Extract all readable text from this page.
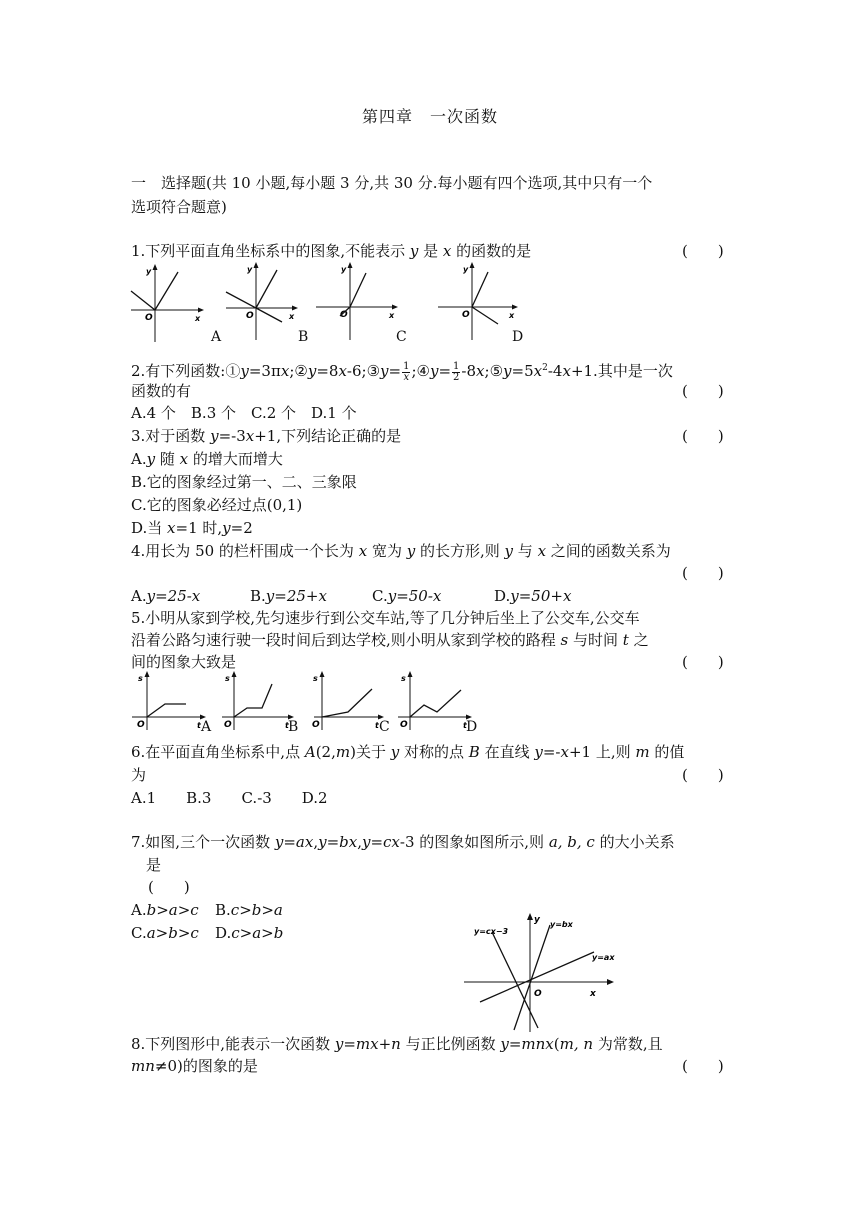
第四章　一次函数
一　选择题(共 10 小题,每小题 3 分,共 30 分.每小题有四个选项,其中只有一个
选项符合题意)
1.下列平面直角坐标系中的图象,不能表示 y 是 x 的函数的是	(　　)
y
x
O
y
x
O
y
x
O
y
x
O
A	B	C	D
2.有下列函数:①y=3πx;②y=8x-6;③y= $\frac{1}{x}$ ;④y= $\frac{1}{2}$ $-8x;⑤y=5x^2-4x+1$.其中是一次
函数的有	(　　)
A.4 个　B.3 个　C.2 个　D.1 个
3.对于函数 y=-3x+1,下列结论正确的是	(　　)
A.y 随 x 的增大而增大
B.它的图象经过第一、二、三象限
C.它的图象必经过点(0,1)
D.当 x=1 时,y=2
4.用长为 50 的栏杆围成一个长为 x 宽为 y 的长方形,则 y 与 x 之间的函数关系为
(　　)
A.y=25-x	B.y=25+x	C.y=50-x	D.y=50+x
5.小明从家到学校,先匀速步行到公交车站,等了几分钟后坐上了公交车,公交车
沿着公路匀速行驶一段时间后到达学校,则小明从家到学校的路程 s 与时间 t 之
间的图象大致是	(　　)
s
t
O
s
t
O
s
t
O
s
t
O
A	B	C	D
6.在平面直角坐标系中,点 A(2,m)关于 y 对称的点 B 在直线 y=-x+1 上,则 m 的值
为	(　　)
A.1　　B.3　　C.-3　　D.2
7.如图,三个一次函数 y=ax,y=bx,y=cx-3 的图象如图所示,则 a, b, c 的大小关系
是
(　　)
A.b>a>c B.c>b>a
C.a>b>c D.c>a>b	y=cx−3
y=bx
y=ax
y
x
O
8.下列图形中,能表示一次函数 y=mx+n 与正比例函数 y=mnx(m, n 为常数,且
mn≠0)的图象的是	(　　)
